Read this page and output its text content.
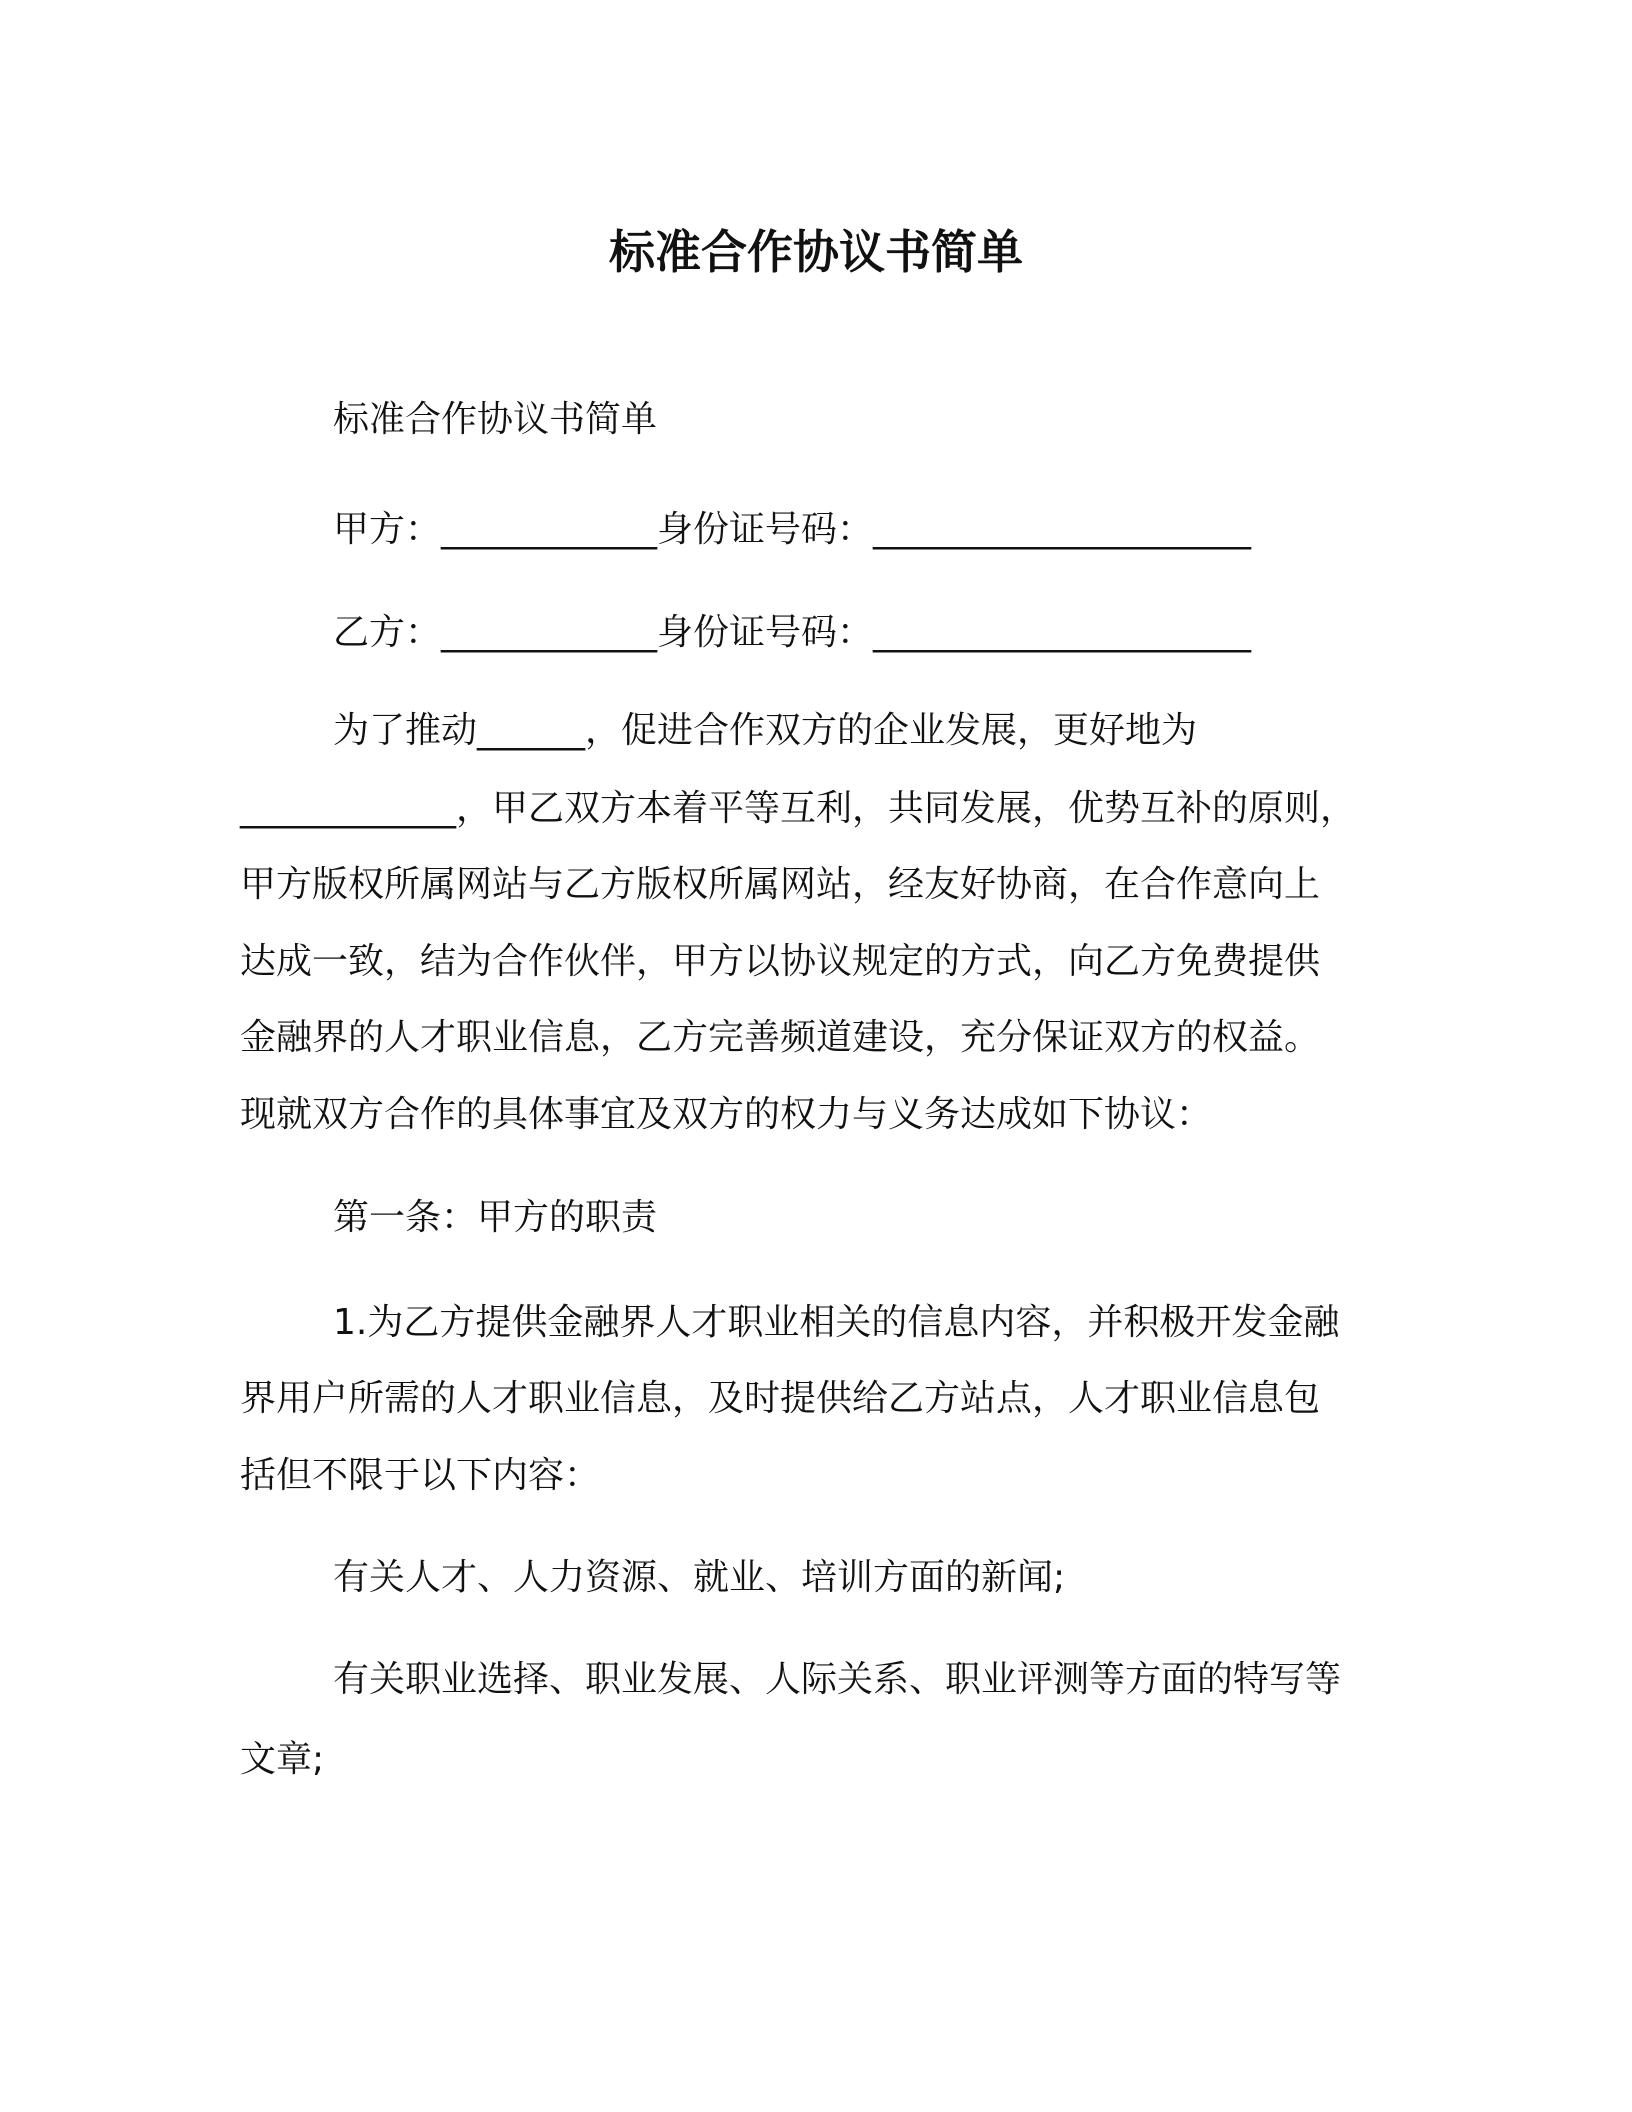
标准合作协议书简单
标准合作协议书简单
甲方：____________身份证号码：_____________________
乙方：____________身份证号码：_____________________
为了推动______，促进合作双方的企业发展，更好地为
____________，甲乙双方本着平等互利，共同发展，优势互补的原则，
甲方版权所属网站与乙方版权所属网站，经友好协商，在合作意向上
达成一致，结为合作伙伴，甲方以协议规定的方式，向乙方免费提供
金融界的人才职业信息，乙方完善频道建设，充分保证双方的权益。
现就双方合作的具体事宜及双方的权力与义务达成如下协议：
第一条：甲方的职责
1.为乙方提供金融界人才职业相关的信息内容，并积极开发金融
界用户所需的人才职业信息，及时提供给乙方站点，人才职业信息包
括但不限于以下内容：
有关人才、人力资源、就业、培训方面的新闻;
有关职业选择、职业发展、人际关系、职业评测等方面的特写等
文章;
